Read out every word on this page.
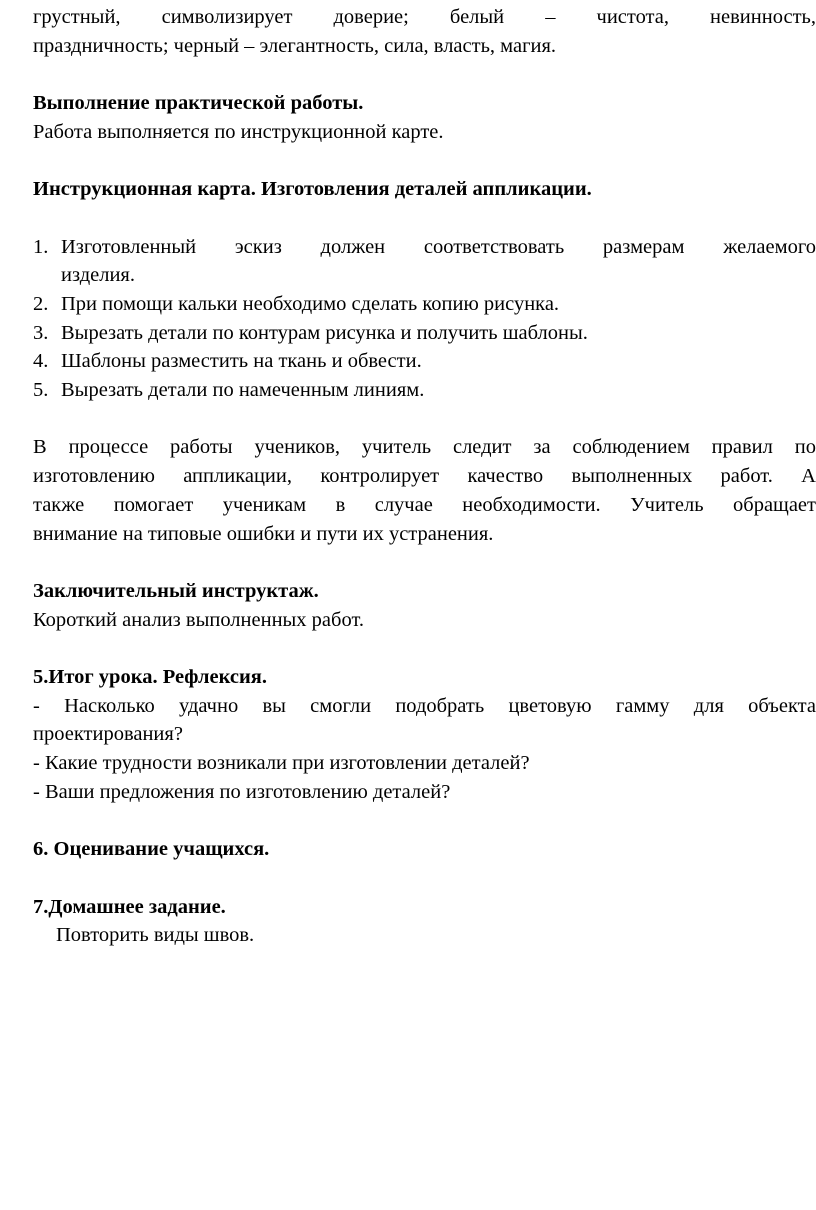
грустный, символизирует доверие; белый – чистота, невинность,
праздничность; черный – элегантность, сила, власть, магия.
Выполнение практической работы.
Работа выполняется по инструкционной карте.
Инструкционная карта. Изготовления деталей аппликации.
1. Изготовленный эскиз должен соответствовать размерам желаемого
изделия.
2. При помощи кальки необходимо сделать копию рисунка.
3. Вырезать детали по контурам рисунка и получить шаблоны.
4. Шаблоны разместить на ткань и обвести.
5. Вырезать детали по намеченным линиям.
В процессе работы учеников, учитель следит за соблюдением правил по
изготовлению аппликации, контролирует качество выполненных работ. А
также помогает ученикам в случае необходимости. Учитель обращает
внимание на типовые ошибки и пути их устранения.
Заключительный инструктаж.
Короткий анализ выполненных работ.
5.Итог урока. Рефлексия.
- Насколько удачно вы смогли подобрать цветовую гамму для объекта
проектирования?
- Какие трудности возникали при изготовлении деталей?
- Ваши предложения по изготовлению деталей?
6. Оценивание учащихся.
7.Домашнее задание.
Повторить виды швов.
